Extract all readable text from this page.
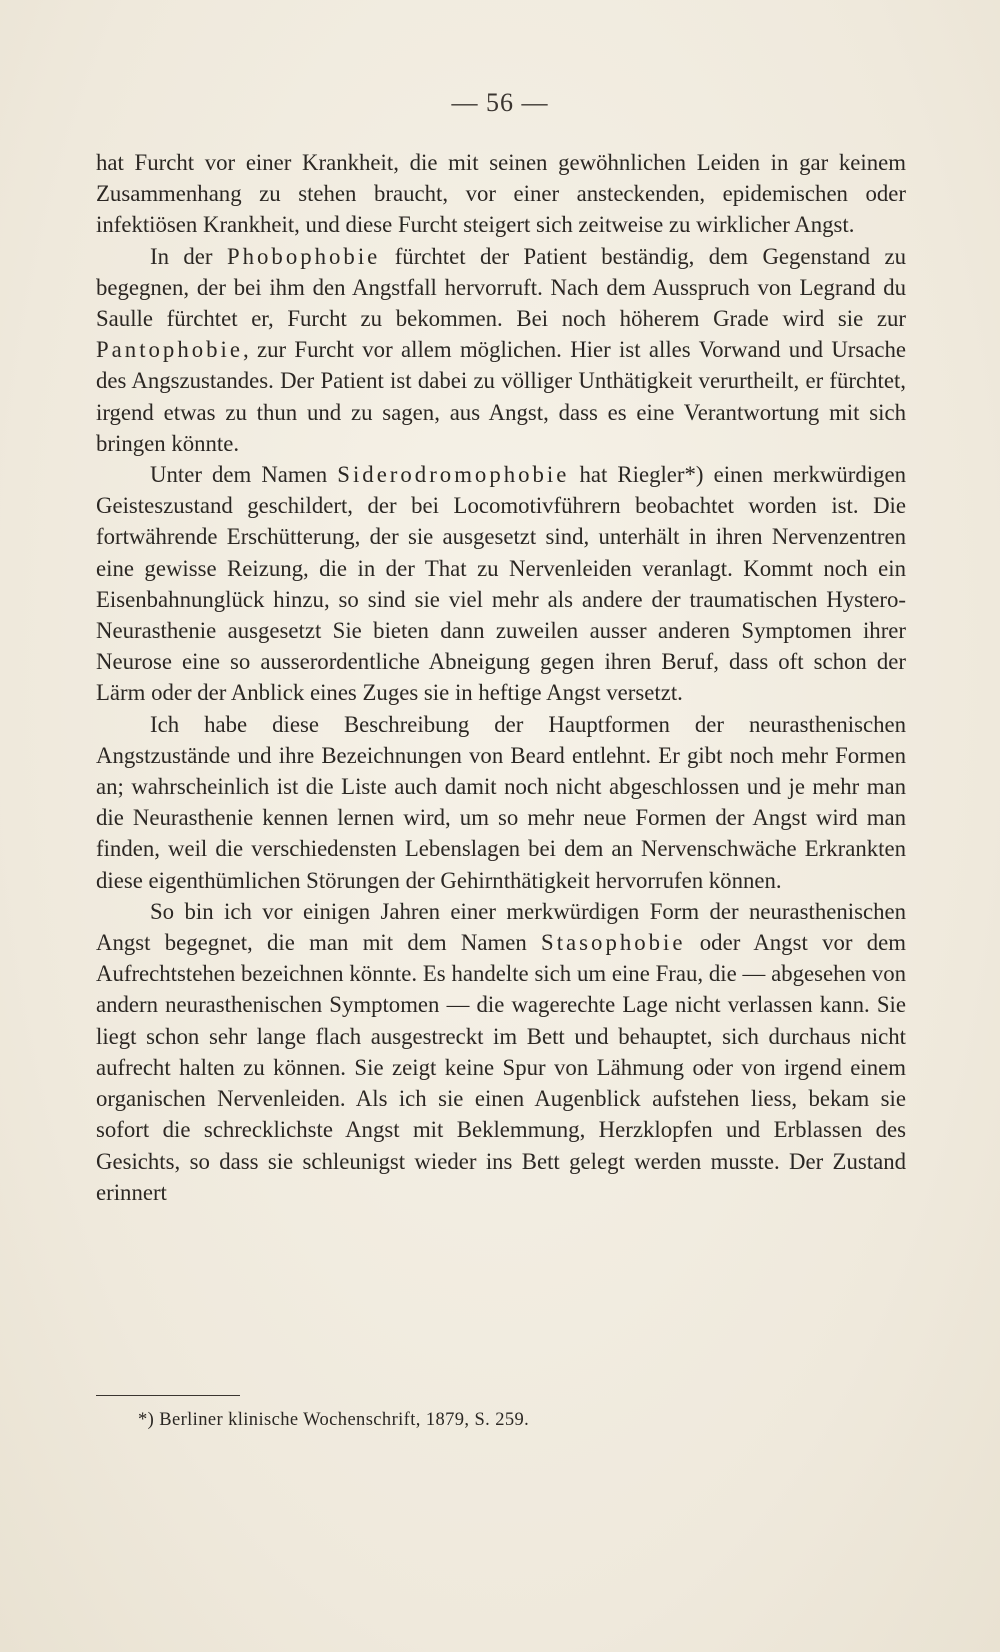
— 56 —

hat Furcht vor einer Krankheit, die mit seinen gewöhnlichen Leiden in gar keinem Zusammenhang zu stehen braucht, vor einer ansteckenden, epidemischen oder infektiösen Krankheit, und diese Furcht steigert sich zeitweise zu wirklicher Angst.

In der Phobophobie fürchtet der Patient beständig, dem Gegenstand zu begegnen, der bei ihm den Angstfall hervorruft. Nach dem Ausspruch von Legrand du Saulle fürchtet er, Furcht zu bekommen. Bei noch höherem Grade wird sie zur Pantophobie, zur Furcht vor allem möglichen. Hier ist alles Vorwand und Ursache des Angszustandes. Der Patient ist dabei zu völliger Unthätigkeit verurtheilt, er fürchtet, irgend etwas zu thun und zu sagen, aus Angst, dass es eine Verantwortung mit sich bringen könnte.

Unter dem Namen Siderodromophobie hat Riegler*) einen merkwürdigen Geisteszustand geschildert, der bei Locomotivführern beobachtet worden ist. Die fortwährende Erschütterung, der sie ausgesetzt sind, unterhält in ihren Nervenzentren eine gewisse Reizung, die in der That zu Nervenleiden veranlagt. Kommt noch ein Eisenbahnunglück hinzu, so sind sie viel mehr als andere der traumatischen Hystero-Neurasthenie ausgesetzt Sie bieten dann zuweilen ausser anderen Symptomen ihrer Neurose eine so ausserordentliche Abneigung gegen ihren Beruf, dass oft schon der Lärm oder der Anblick eines Zuges sie in heftige Angst versetzt.

Ich habe diese Beschreibung der Hauptformen der neurasthenischen Angstzustände und ihre Bezeichnungen von Beard entlehnt. Er gibt noch mehr Formen an; wahrscheinlich ist die Liste auch damit noch nicht abgeschlossen und je mehr man die Neurasthenie kennen lernen wird, um so mehr neue Formen der Angst wird man finden, weil die verschiedensten Lebenslagen bei dem an Nervenschwäche Erkrankten diese eigenthümlichen Störungen der Gehirnthätigkeit hervorrufen können.

So bin ich vor einigen Jahren einer merkwürdigen Form der neurasthenischen Angst begegnet, die man mit dem Namen Stasophobie oder Angst vor dem Aufrechtstehen bezeichnen könnte. Es handelte sich um eine Frau, die — abgesehen von andern neurasthenischen Symptomen — die wagerechte Lage nicht verlassen kann. Sie liegt schon sehr lange flach ausgestreckt im Bett und behauptet, sich durchaus nicht aufrecht halten zu können. Sie zeigt keine Spur von Lähmung oder von irgend einem organischen Nervenleiden. Als ich sie einen Augenblick aufstehen liess, bekam sie sofort die schrecklichste Angst mit Beklemmung, Herzklopfen und Erblassen des Gesichts, so dass sie schleunigst wieder ins Bett gelegt werden musste. Der Zustand erinnert

*) Berliner klinische Wochenschrift, 1879, S. 259.
